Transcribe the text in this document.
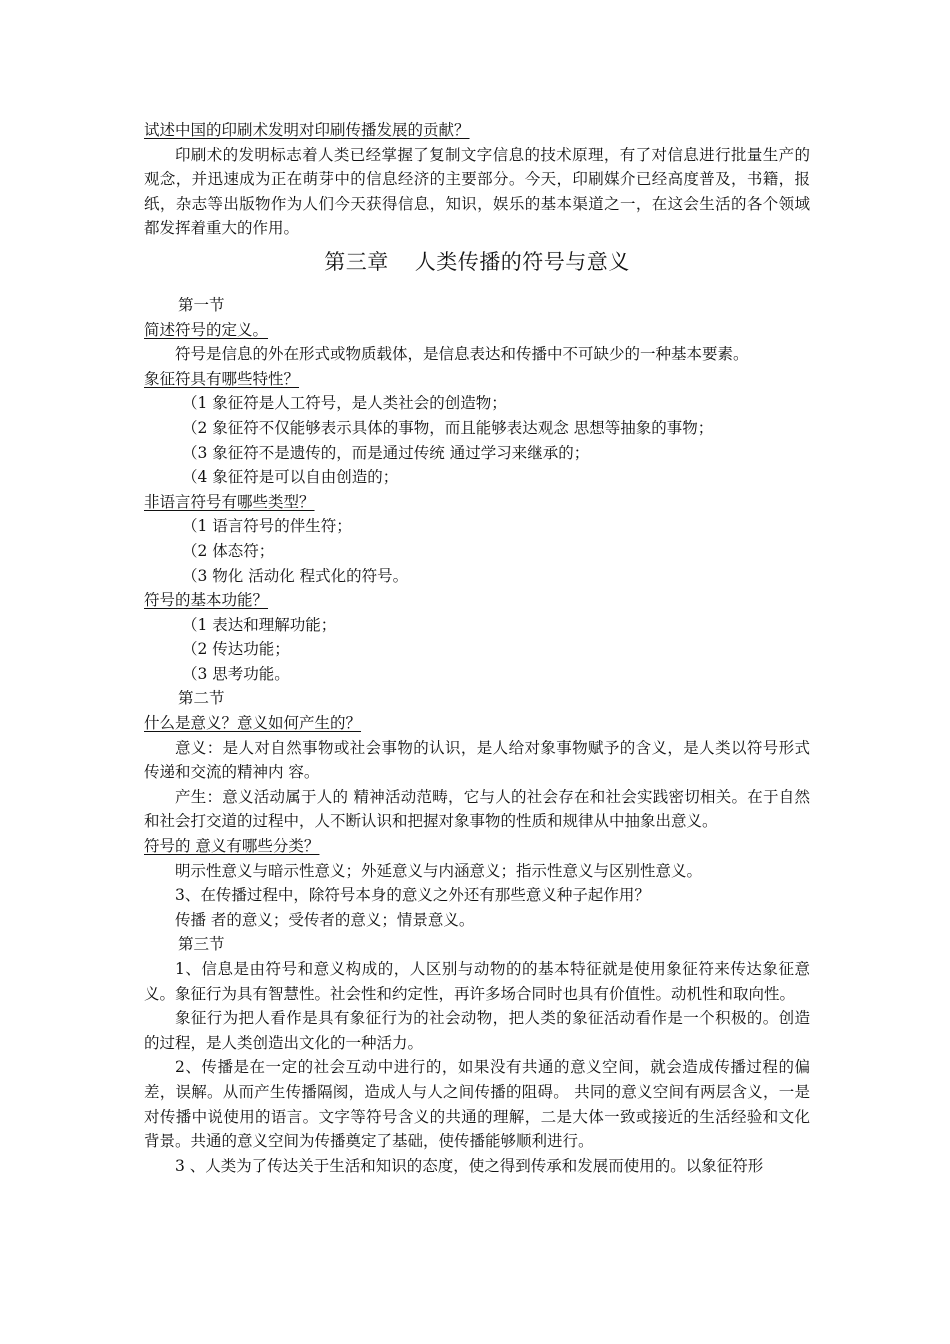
试述中国的印刷术发明对印刷传播发展的贡献？
印刷术的发明标志着人类已经掌握了复制文字信息的技术原理，有了对信息进行批量生产的观念，并迅速成为正在萌芽中的信息经济的主要部分。今天，印刷媒介已经高度普及，书籍，报纸，杂志等出版物作为人们今天获得信息，知识，娱乐的基本渠道之一，在这会生活的各个领域都发挥着重大的作用。
第三章 人类传播的符号与意义
第一节
简述符号的定义。
符号是信息的外在形式或物质载体，是信息表达和传播中不可缺少的一种基本要素。
象征符具有哪些特性？
（1 象征符是人工符号，是人类社会的创造物；
（2 象征符不仅能够表示具体的事物，而且能够表达观念 思想等抽象的事物；
（3 象征符不是遗传的，而是通过传统 通过学习来继承的；
（4 象征符是可以自由创造的；
非语言符号有哪些类型？
（1 语言符号的伴生符；
（2 体态符；
（3 物化 活动化 程式化的符号。
符号的基本功能？
（1 表达和理解功能；
（2 传达功能；
（3 思考功能。
第二节
什么是意义？意义如何产生的？
意义：是人对自然事物或社会事物的认识，是人给对象事物赋予的含义，是人类以符号形式传递和交流的精神内 容。
产生：意义活动属于人的 精神活动范畴，它与人的社会存在和社会实践密切相关。在于自然和社会打交道的过程中，人不断认识和把握对象事物的性质和规律从中抽象出意义。
符号的 意义有哪些分类？
明示性意义与暗示性意义；外延意义与内涵意义；指示性意义与区别性意义。
3、在传播过程中，除符号本身的意义之外还有那些意义种子起作用？
传播 者的意义；受传者的意义；情景意义。
第三节
1、信息是由符号和意义构成的，人区别与动物的的基本特征就是使用象征符来传达象征意义。象征行为具有智慧性。社会性和约定性，再许多场合同时也具有价值性。动机性和取向性。
象征行为把人看作是具有象征行为的社会动物，把人类的象征活动看作是一个积极的。创造的过程，是人类创造出文化的一种活力。
2、传播是在一定的社会互动中进行的，如果没有共通的意义空间，就会造成传播过程的偏差，误解。从而产生传播隔阂，造成人与人之间传播的阻碍。 共同的意义空间有两层含义，一是对传播中说使用的语言。文字等符号含义的共通的理解，二是大体一致或接近的生活经验和文化背景。共通的意义空间为传播奠定了基础，使传播能够顺利进行。
3 、人类为了传达关于生活和知识的态度，使之得到传承和发展而使用的。以象征符形
